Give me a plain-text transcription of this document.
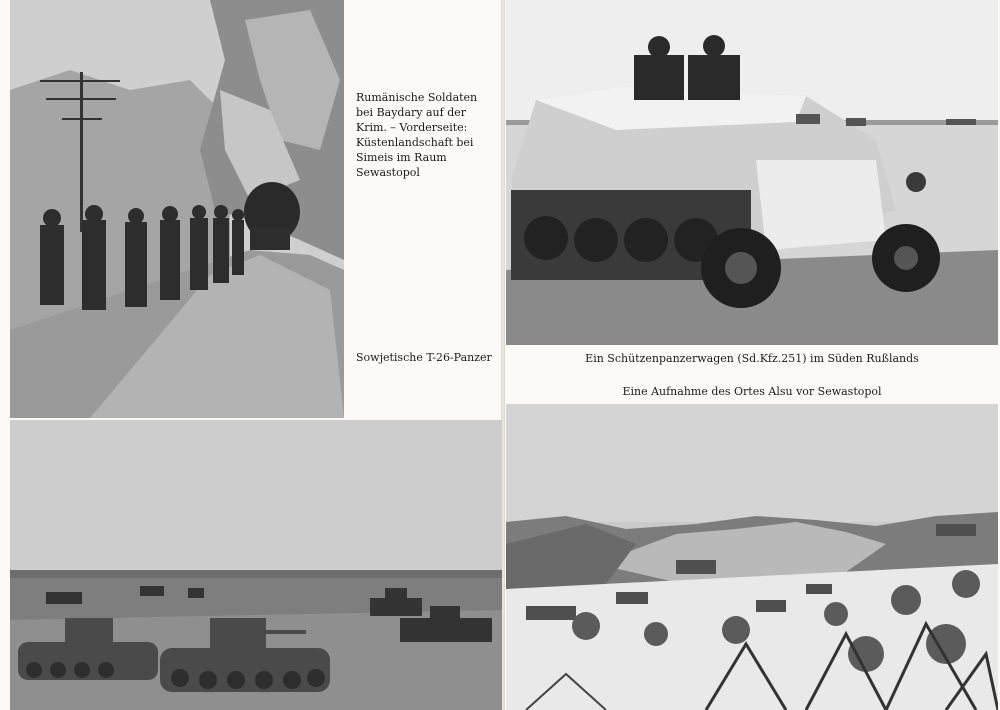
Rumänische Soldaten bei Baydary auf der Krim. – Vorderseite: Küstenlandschaft bei Simeis im Raum Sewastopol
Sowjetische T-26-Panzer	Ein Schützenpanzerwagen (Sd.Kfz.251) im Süden Rußlands
Eine Aufnahme des Ortes Alsu vor Sewastopol
